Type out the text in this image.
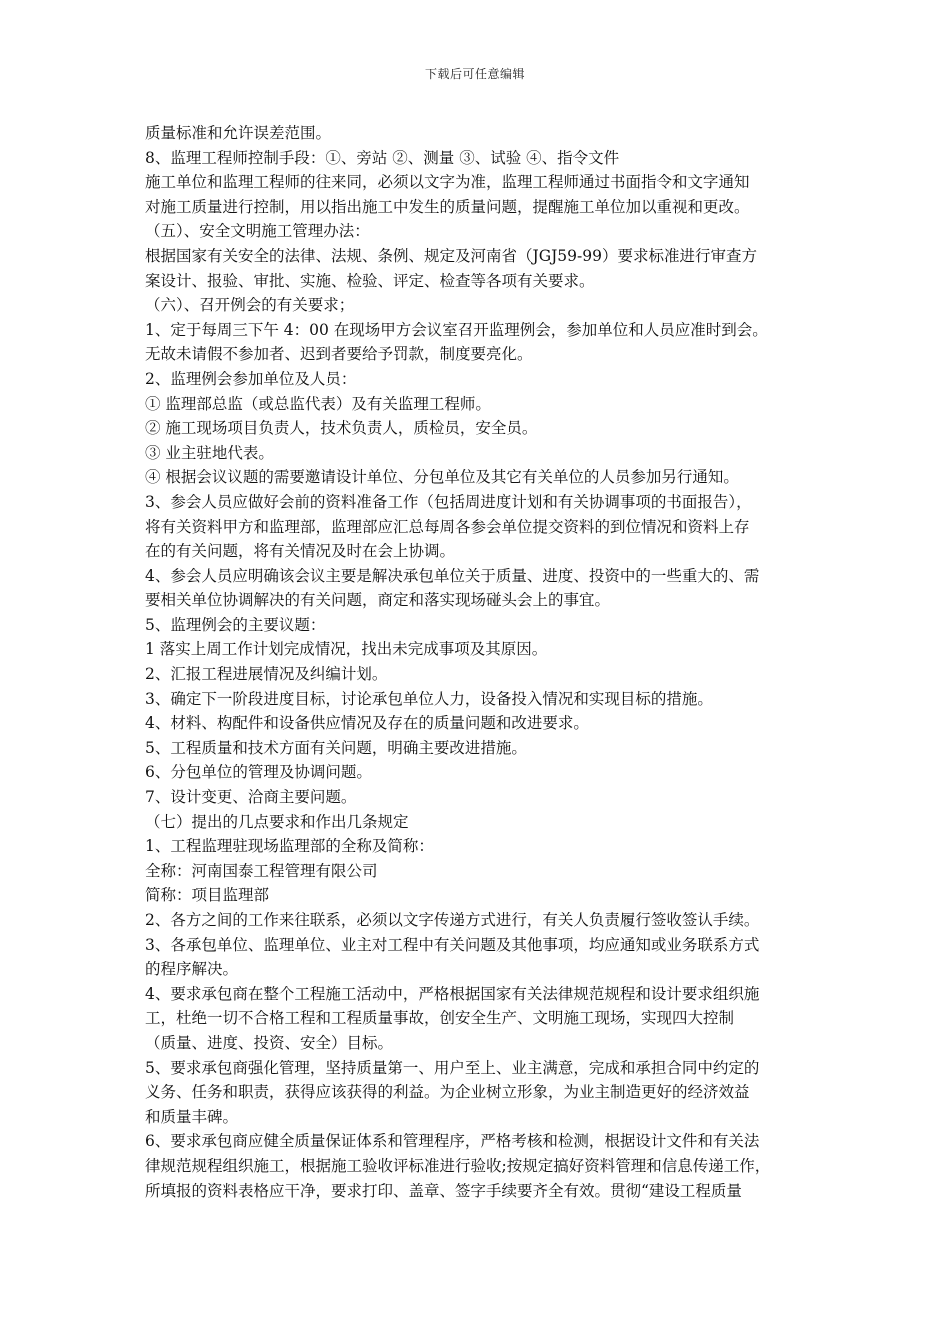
下载后可任意编辑
质量标准和允许误差范围。
8、监理工程师控制手段：①、旁站 ②、测量 ③、试验 ④、指令文件
施工单位和监理工程师的往来同，必须以文字为准，监理工程师通过书面指令和文字通知
对施工质量进行控制，用以指出施工中发生的质量问题，提醒施工单位加以重视和更改。
（五）、安全文明施工管理办法：
根据国家有关安全的法律、法规、条例、规定及河南省（JGJ59-99）要求标准进行审查方
案设计、报验、审批、实施、检验、评定、检查等各项有关要求。
（六）、召开例会的有关要求；
1、定于每周三下午 4：00 在现场甲方会议室召开监理例会，参加单位和人员应准时到会。
无故未请假不参加者、迟到者要给予罚款，制度要亮化。
2、监理例会参加单位及人员：
① 监理部总监（或总监代表）及有关监理工程师。
② 施工现场项目负责人，技术负责人，质检员，安全员。
③ 业主驻地代表。
④ 根据会议议题的需要邀请设计单位、分包单位及其它有关单位的人员参加另行通知。
3、参会人员应做好会前的资料准备工作（包括周进度计划和有关协调事项的书面报告），
将有关资料甲方和监理部，监理部应汇总每周各参会单位提交资料的到位情况和资料上存
在的有关问题，将有关情况及时在会上协调。
4、参会人员应明确该会议主要是解决承包单位关于质量、进度、投资中的一些重大的、需
要相关单位协调解决的有关问题，商定和落实现场碰头会上的事宜。
5、监理例会的主要议题：
1 落实上周工作计划完成情况，找出未完成事项及其原因。
2、汇报工程进展情况及纠编计划。
3、确定下一阶段进度目标，讨论承包单位人力，设备投入情况和实现目标的措施。
4、材料、构配件和设备供应情况及存在的质量问题和改进要求。
5、工程质量和技术方面有关问题，明确主要改进措施。
6、分包单位的管理及协调问题。
7、设计变更、洽商主要问题。
（七）提出的几点要求和作出几条规定
1、工程监理驻现场监理部的全称及简称：
全称：河南国泰工程管理有限公司
简称：项目监理部
2、各方之间的工作来往联系，必须以文字传递方式进行，有关人负责履行签收签认手续。
3、各承包单位、监理单位、业主对工程中有关问题及其他事项，均应通知或业务联系方式
的程序解决。
4、要求承包商在整个工程施工活动中，严格根据国家有关法律规范规程和设计要求组织施
工，杜绝一切不合格工程和工程质量事故，创安全生产、文明施工现场，实现四大控制
（质量、进度、投资、安全）目标。
5、要求承包商强化管理，坚持质量第一、用户至上、业主满意，完成和承担合同中约定的
义务、任务和职责，获得应该获得的利益。为企业树立形象，为业主制造更好的经济效益
和质量丰碑。
6、要求承包商应健全质量保证体系和管理程序，严格考核和检测，根据设计文件和有关法
律规范规程组织施工，根据施工验收评标准进行验收;按规定搞好资料管理和信息传递工作，
所填报的资料表格应干净，要求打印、盖章、签字手续要齐全有效。贯彻“建设工程质量
